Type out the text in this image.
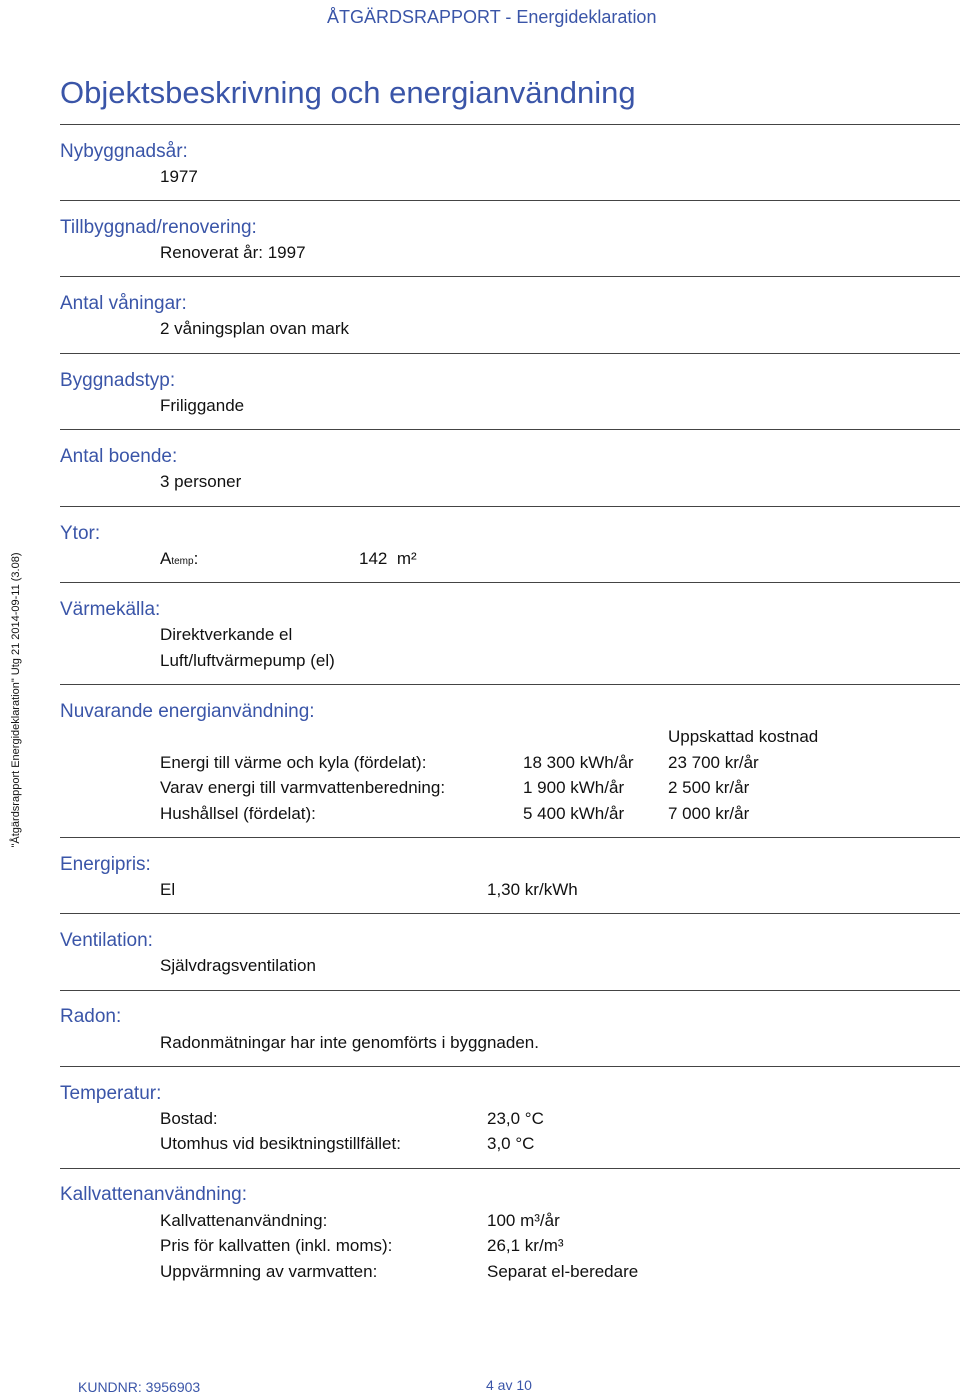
ÅTGÄRDSRAPPORT - Energideklaration
"Åtgärdsrapport Energideklaration" Utg 21 2014-09-11 (3.08)
Objektsbeskrivning och energianvändning
Nybyggnadsår:
1977
Tillbyggnad/renovering:
Renoverat år: 1997
Antal våningar:
2 våningsplan ovan mark
Byggnadstyp:
Friliggande
Antal boende:
3 personer
Ytor:
Atemp:	142 m²
Värmekälla:
Direktverkande el
Luft/luftvärmepump (el)
Nuvarande energianvändning:
Uppskattad kostnad
Energi till värme och kyla (fördelat):	18 300 kWh/år 23 700 kr/år
Varav energi till varmvattenberedning:	1 900 kWh/år	2 500 kr/år
Hushållsel (fördelat):	5 400 kWh/år	7 000 kr/år
Energipris:
El	1,30 kr/kWh
Ventilation:
Självdragsventilation
Radon:
Radonmätningar har inte genomförts i byggnaden.
Temperatur:
Bostad:	23,0 °C
Utomhus vid besiktningstillfället:	3,0 °C
Kallvattenanvändning:
Kallvattenanvändning:	100 m³/år
Pris för kallvatten (inkl. moms):	26,1 kr/m³
Uppvärmning av varmvatten:	Separat el-beredare
KUNDNR: 3956903	4 av 10
